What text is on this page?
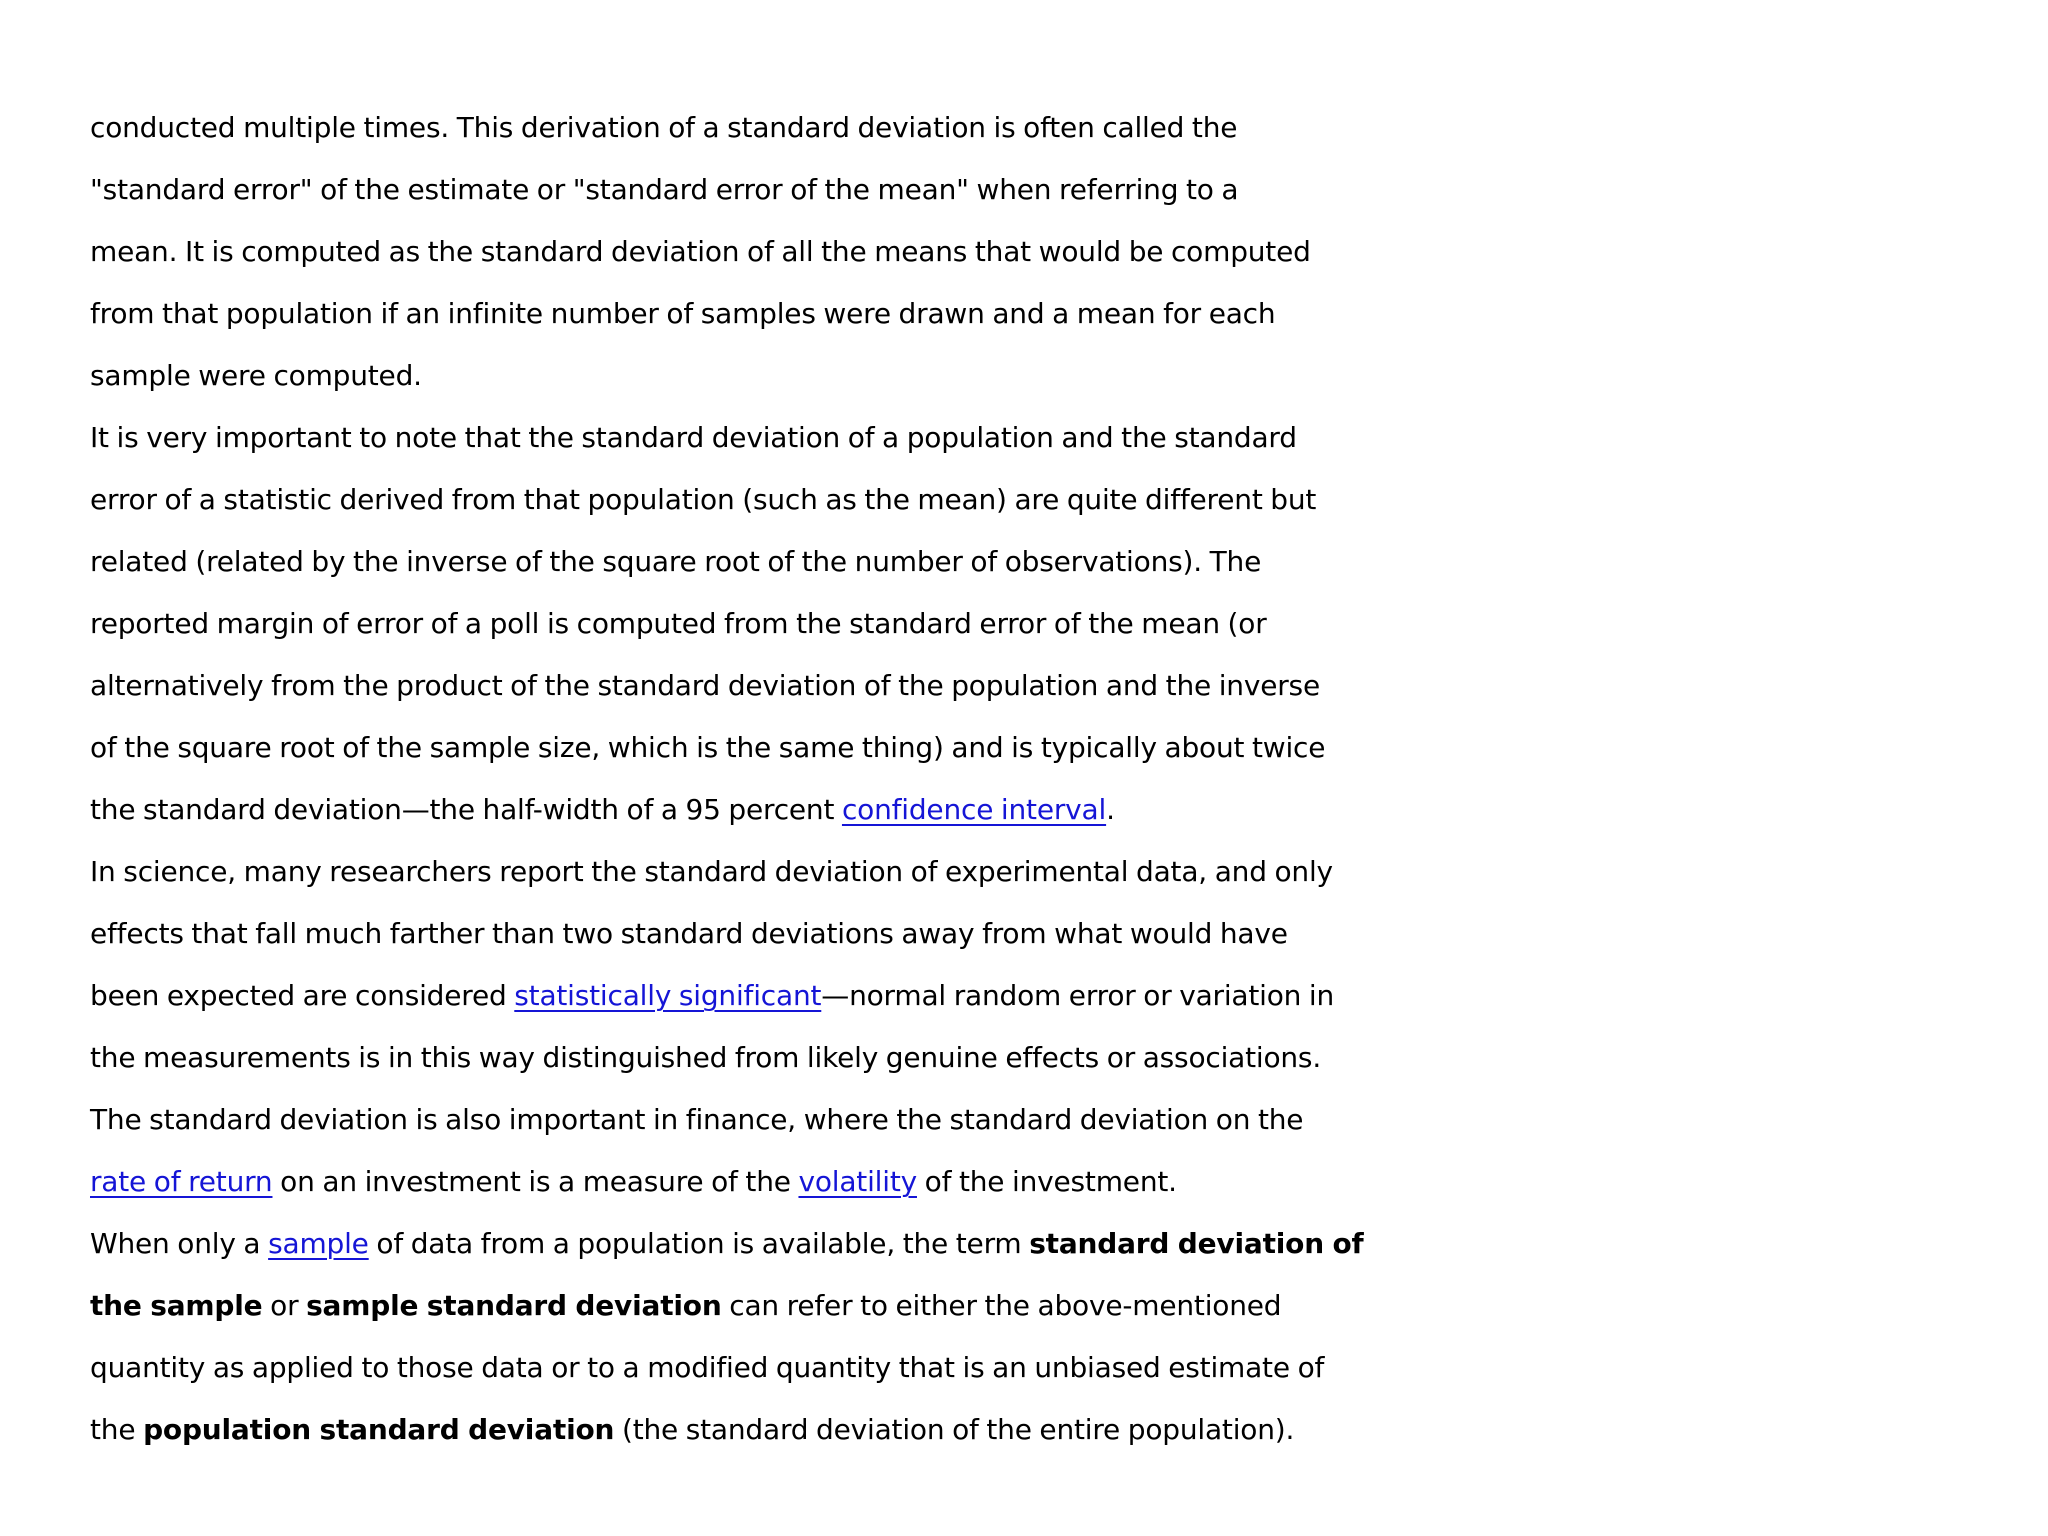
conducted multiple times. This derivation of a standard deviation is often called the
"standard error" of the estimate or "standard error of the mean" when referring to a
mean. It is computed as the standard deviation of all the means that would be computed
from that population if an infinite number of samples were drawn and a mean for each
sample were computed.
It is very important to note that the standard deviation of a population and the standard
error of a statistic derived from that population (such as the mean) are quite different but
related (related by the inverse of the square root of the number of observations). The
reported margin of error of a poll is computed from the standard error of the mean (or
alternatively from the product of the standard deviation of the population and the inverse
of the square root of the sample size, which is the same thing) and is typically about twice
the standard deviation—the half-width of a 95 percent confidence interval.
In science, many researchers report the standard deviation of experimental data, and only
effects that fall much farther than two standard deviations away from what would have
been expected are considered statistically significant—normal random error or variation in
the measurements is in this way distinguished from likely genuine effects or associations.
The standard deviation is also important in finance, where the standard deviation on the
rate of return on an investment is a measure of the volatility of the investment.
When only a sample of data from a population is available, the term standard deviation of
the sample or sample standard deviation can refer to either the above-mentioned
quantity as applied to those data or to a modified quantity that is an unbiased estimate of
the population standard deviation (the standard deviation of the entire population).
